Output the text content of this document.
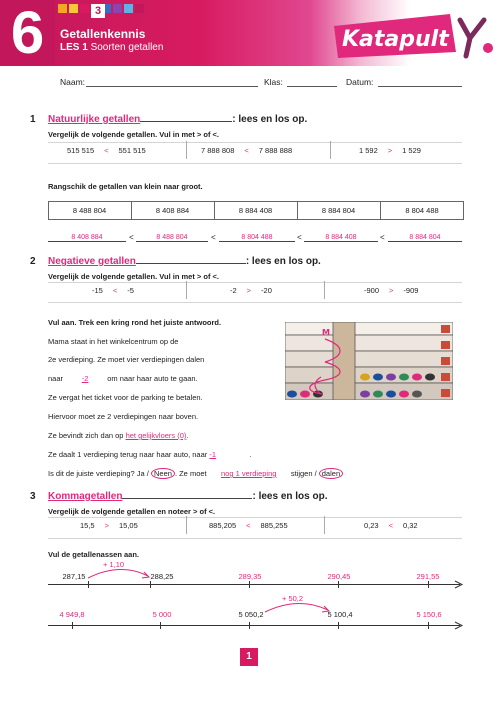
6	3
Getallenkennis
LES 1 Soorten getallen	Katapult
Naam:	Klas:	Datum:
1 Natuurlijke getallen	: lees en los op.
Vergelijk de volgende getallen. Vul in met > of <.
515 515 < 551 515	7 888 808 < 7 888 888	1 592 > 1 529
Rangschik de getallen van klein naar groot.
8 488 804	8 408 884	8 884 408	8 884 804	8 804 488
8 408 884	<	8 488 804	<	8 804 488	<	8 884 408	<	8 884 804
2 Negatieve getallen	: lees en los op.
Vergelijk de volgende getallen. Vul in met > of <.
-15 < -5	-2 > -20	-900 > -909
Vul aan. Trek een kring rond het juiste antwoord.
Mama staat in het winkelcentrum op de
2e verdieping. Ze moet vier verdiepingen dalen
naar	-2	om naar haar auto te gaan.
Ze vergat het ticket voor de parking te betalen.
Hiervoor moet ze 2 verdiepingen naar boven.
Ze bevindt zich dan op het gelijkvloers (0).
Ze daalt 1 verdieping terug naar haar auto, naar -1	.
Is dit de juiste verdieping? Ja / Neen . Ze moet nog 1 verdieping stijgen / dalen
M
3 Kommagetallen	: lees en los op.
Vergelijk de volgende getallen en noteer > of <.
15,5 > 15,05	885,205 < 885,255	0,23 < 0,32
Vul de getallenassen aan.
+ 1,10
287,15	288,25	289,35	290,45	291,55
+ 50,2
4 949,8	5 000	5 050,2	5 100,4	5 150,6
1
